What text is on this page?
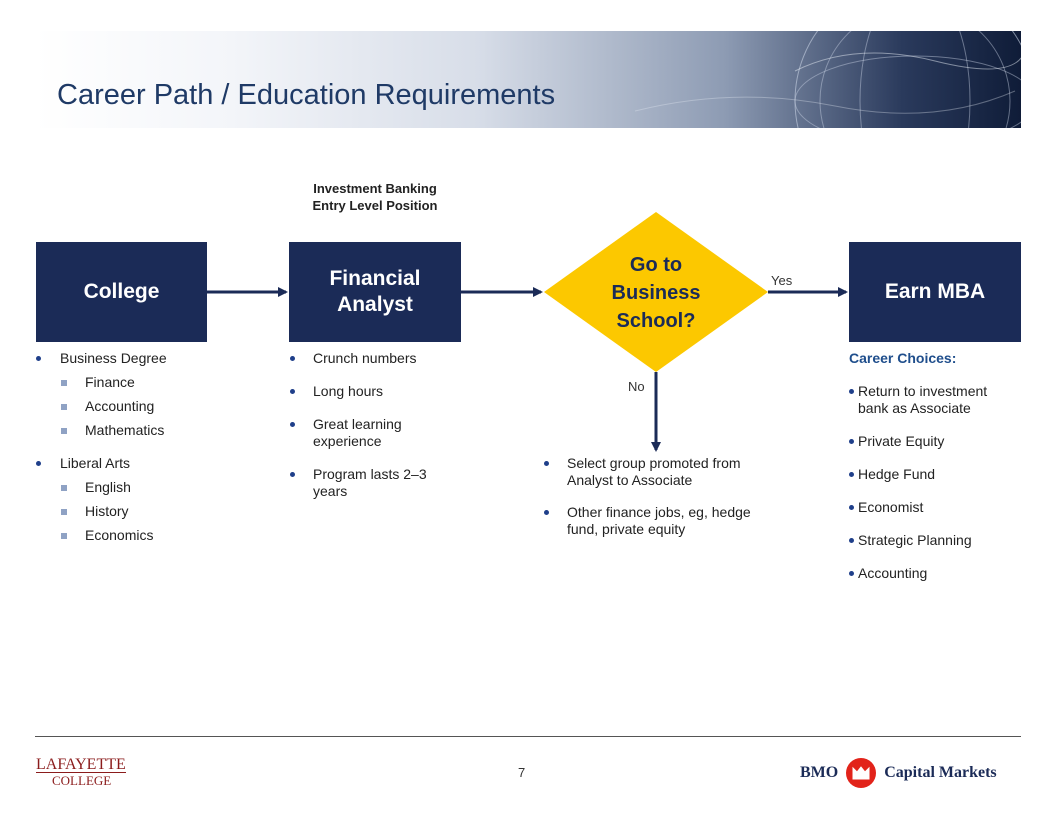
Career Path / Education Requirements
Investment Banking Entry Level Position
College
Financial Analyst
Earn MBA
Go to Business School?
Yes
No
Business Degree
Finance
Accounting
Mathematics
Liberal Arts
English
History
Economics
Crunch numbers
Long hours
Great learning experience
Program lasts 2–3 years
Select group promoted from Analyst to Associate
Other finance jobs, eg, hedge fund, private equity
Career Choices:
Return to investment bank as Associate
Private Equity
Hedge Fund
Economist
Strategic Planning
Accounting
LAFAYETTE
COLLEGE
7	BMO	Capital Markets
